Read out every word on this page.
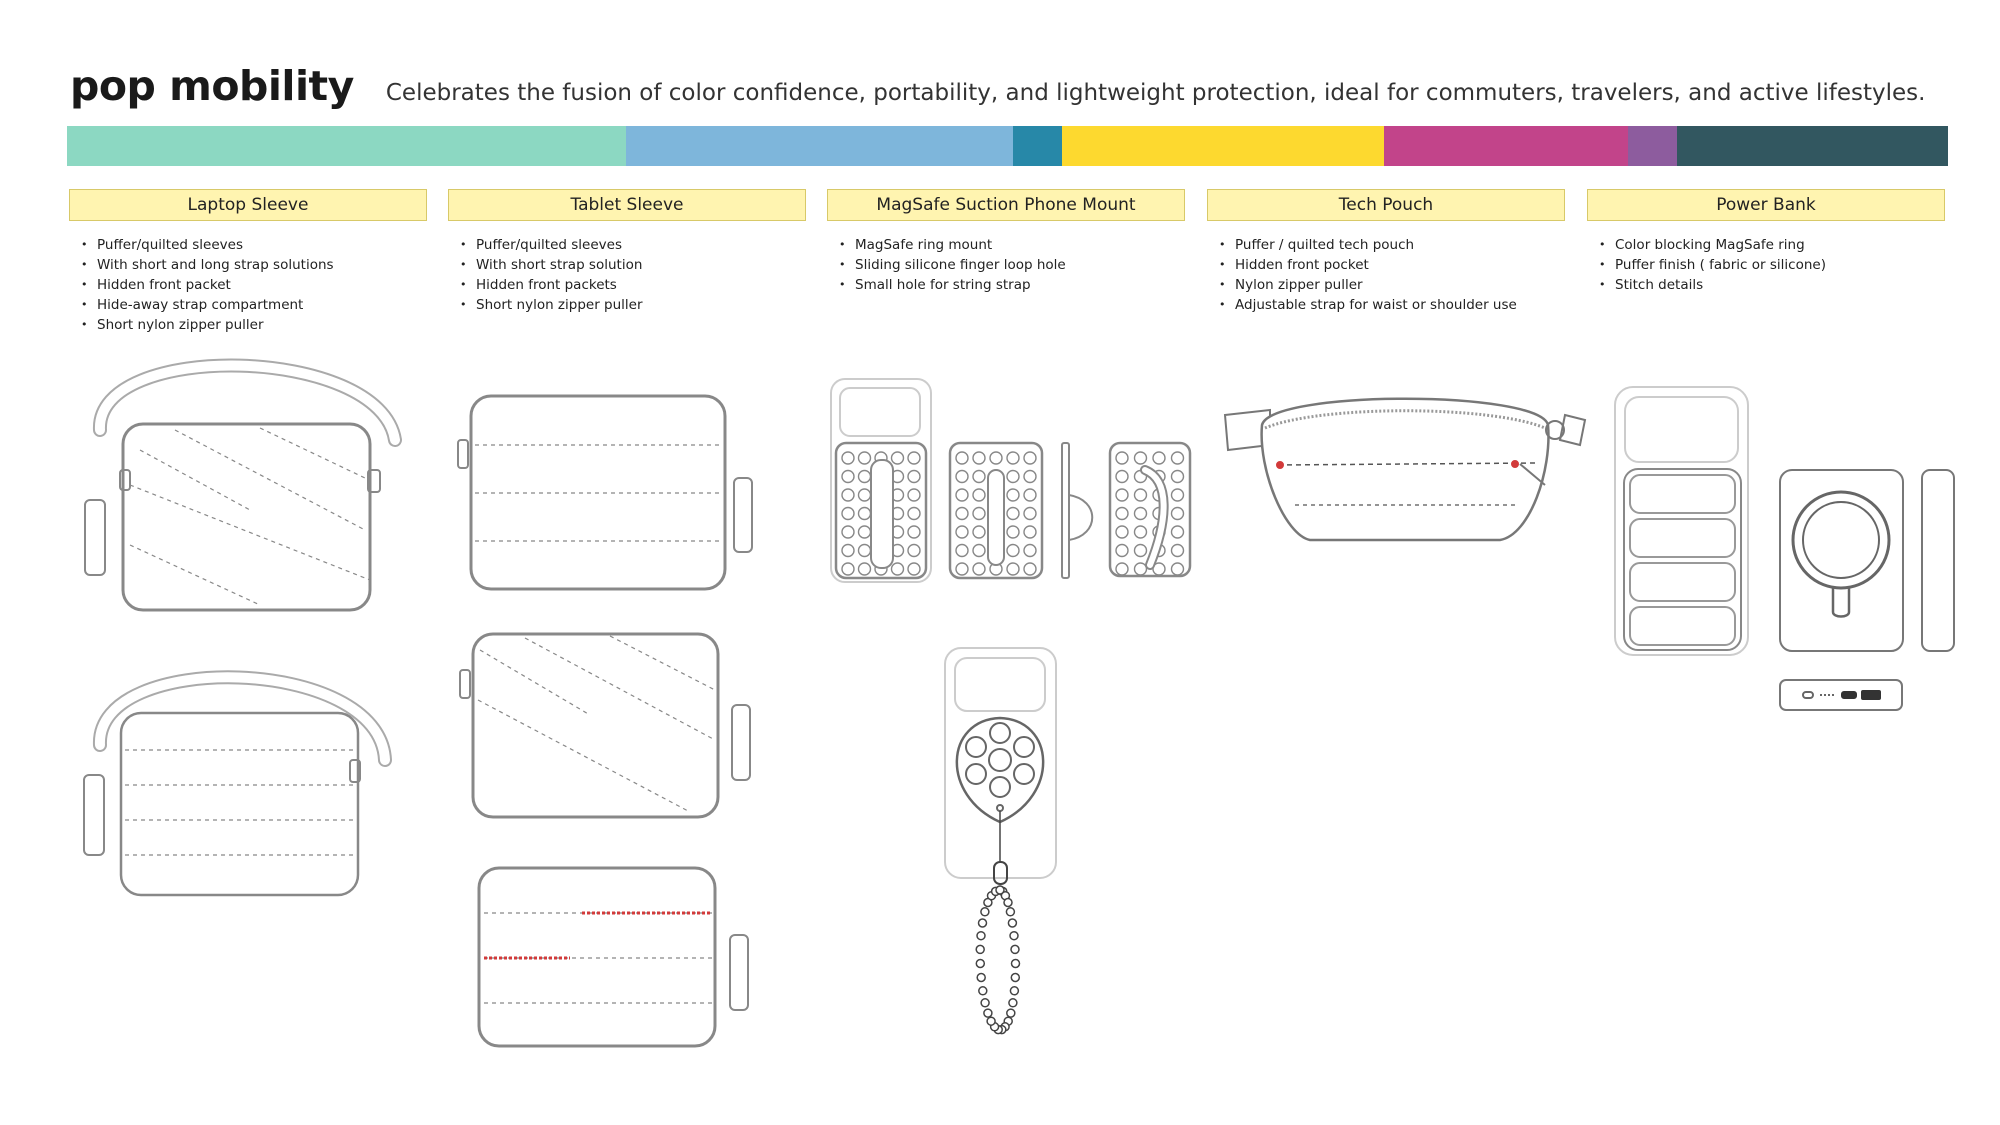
pop mobility Celebrates the fusion of color confidence, portability, and lightweight protection, ideal for commuters, travelers, and active lifestyles.
Laptop Sleeve
• Puffer/quilted sleeves
• With short and long strap solutions
• Hidden front packet
• Hide-away strap compartment
• Short nylon zipper puller
Tablet Sleeve
• Puffer/quilted sleeves
• With short strap solution
• Hidden front packets
• Short nylon zipper puller
MagSafe Suction Phone Mount
• MagSafe ring mount
• Sliding silicone finger loop hole
• Small hole for string strap
Tech Pouch
• Puffer / quilted tech pouch
• Hidden front pocket
• Nylon zipper puller
• Adjustable strap for waist or shoulder use
Power Bank
• Color blocking MagSafe ring
• Puffer finish ( fabric or silicone)
• Stitch details
